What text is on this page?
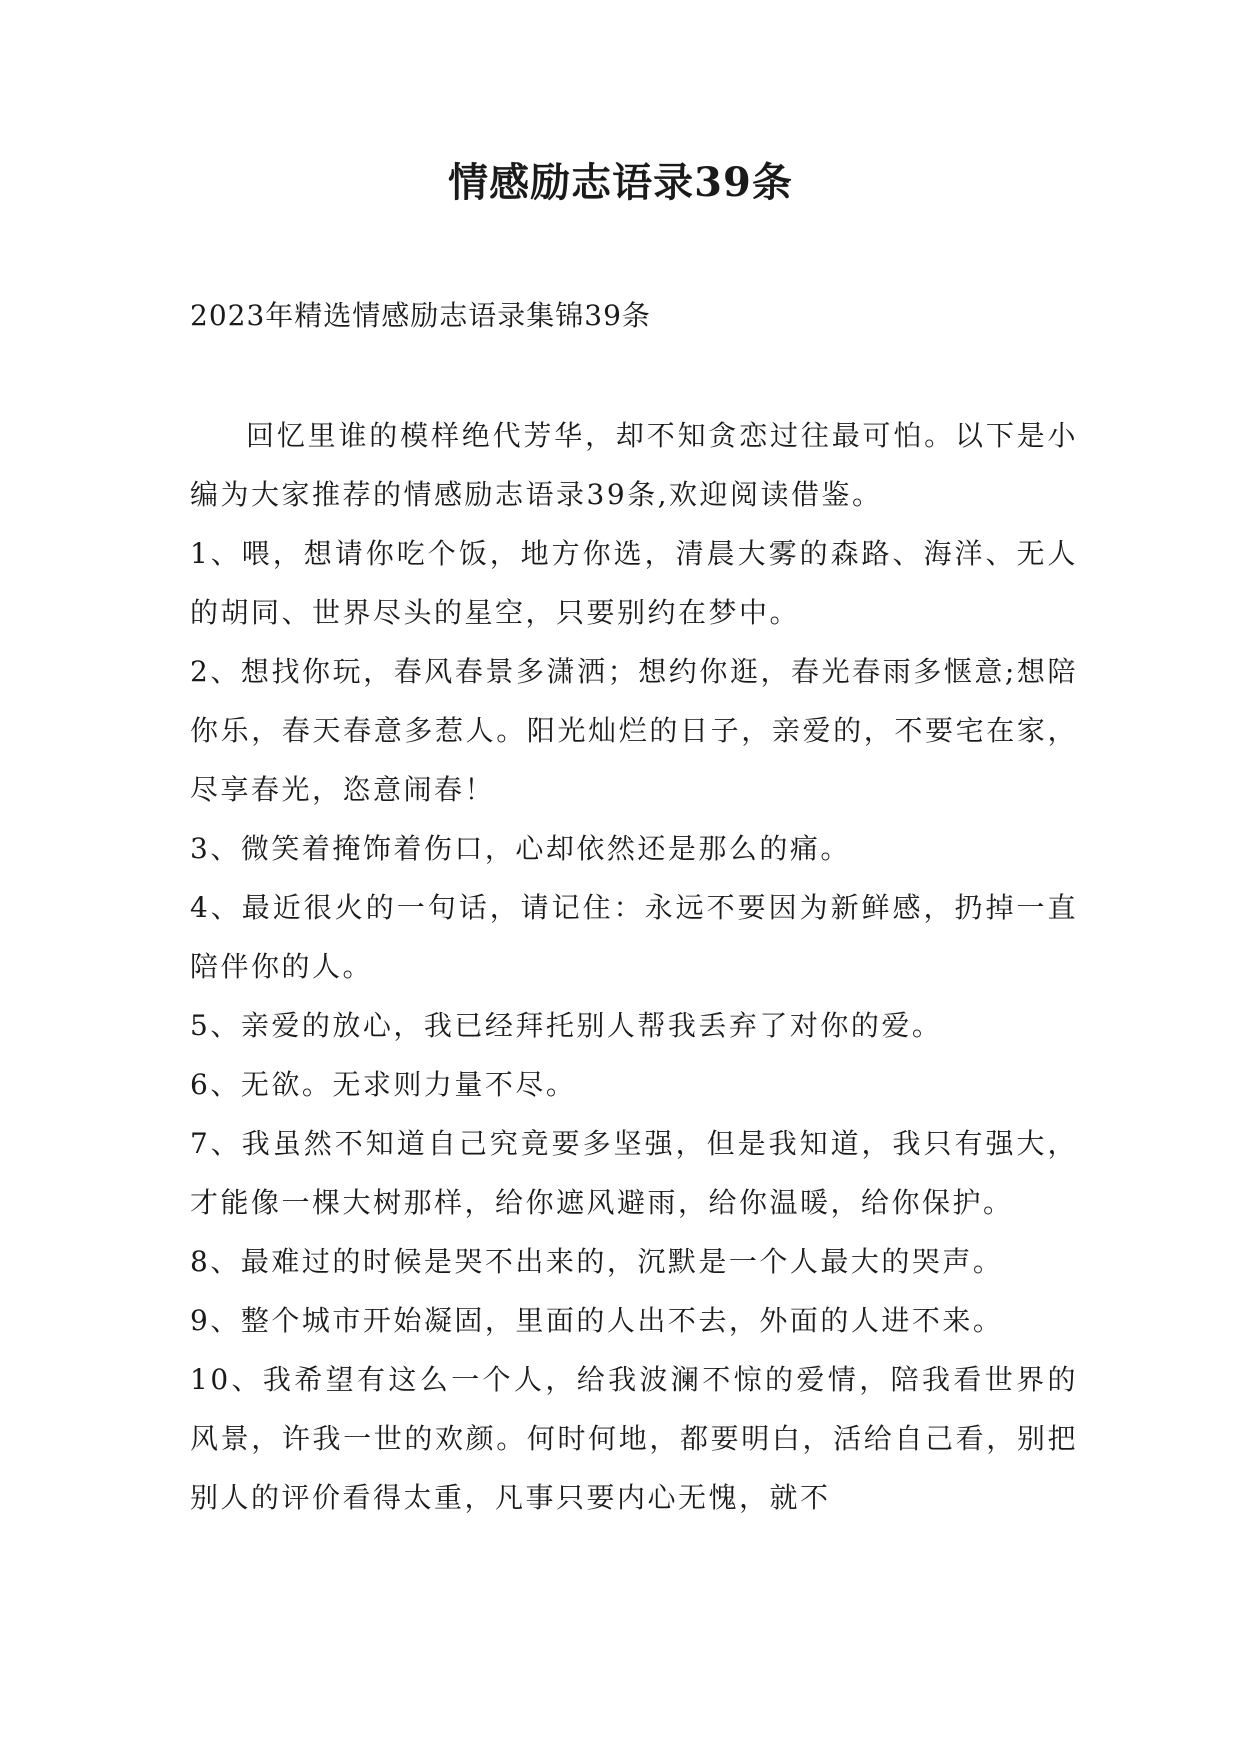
情感励志语录39条

2023年精选情感励志语录集锦39条

回忆里谁的模样绝代芳华，却不知贪恋过往最可怕。以下是小编为大家推荐的情感励志语录39条,欢迎阅读借鉴。

1、喂，想请你吃个饭，地方你选，清晨大雾的森路、海洋、无人的胡同、世界尽头的星空，只要别约在梦中。

2、想找你玩，春风春景多潇洒；想约你逛，春光春雨多惬意;想陪你乐，春天春意多惹人。阳光灿烂的日子，亲爱的，不要宅在家，尽享春光，恣意闹春！

3、微笑着掩饰着伤口，心却依然还是那么的痛。

4、最近很火的一句话，请记住：永远不要因为新鲜感，扔掉一直陪伴你的人。

5、亲爱的放心，我已经拜托别人帮我丢弃了对你的爱。

6、无欲。无求则力量不尽。

7、我虽然不知道自己究竟要多坚强，但是我知道，我只有强大，才能像一棵大树那样，给你遮风避雨，给你温暖，给你保护。

8、最难过的时候是哭不出来的，沉默是一个人最大的哭声。

9、整个城市开始凝固，里面的人出不去，外面的人进不来。

10、我希望有这么一个人，给我波澜不惊的爱情，陪我看世界的风景，许我一世的欢颜。何时何地，都要明白，活给自己看，别把别人的评价看得太重，凡事只要内心无愧，就不
